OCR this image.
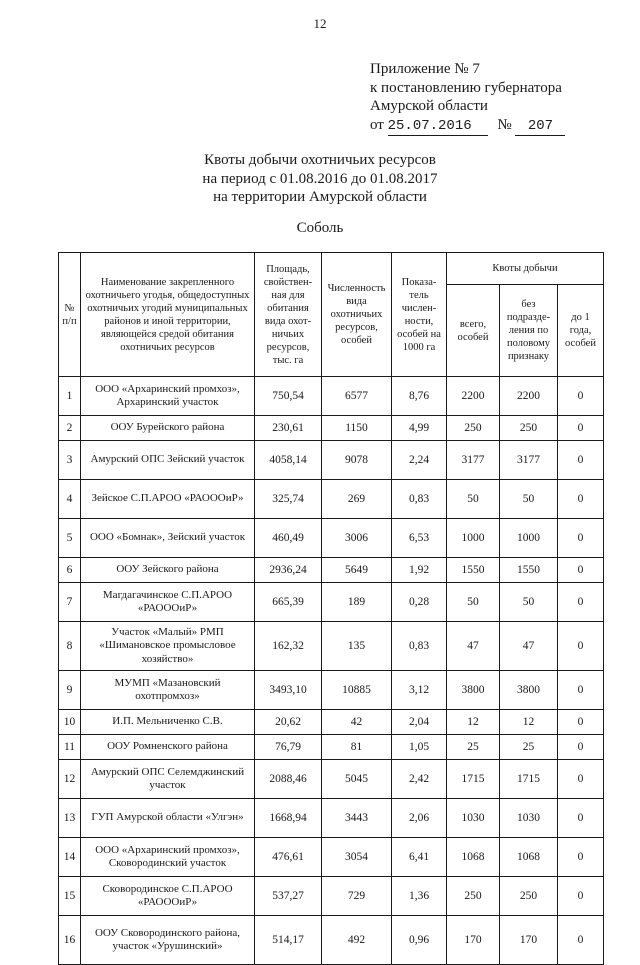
12
Приложение № 7
к постановлению губернатора
Амурской области
от 25.07.2016 № 207
Квоты добычи охотничьих ресурсов
на период с 01.08.2016 до 01.08.2017
на территории Амурской области
Соболь
№ п/п	Наименование закрепленного охотничьего угодья, общедоступных охотничьих угодий муниципальных районов и иной территории, являющейся средой обитания охотничьих ресурсов	Площадь, свойствен-ная для обитания вида охот-ничьих ресурсов, тыс. га	Численность вида охотничьих ресурсов, особей	Показа-тель числен-ности, особей на 1000 га	Квоты добычи		
					всего, особей	без подразде-ления по половому признаку	до 1 года, особей
1	ООО «Архаринский промхоз», Архаринский участок	750,54	6577	8,76	2200	2200	0
2	ООУ Бурейского района	230,61	1150	4,99	250	250	0
3	Амурский ОПС Зейский участок	4058,14	9078	2,24	3177	3177	0
4	Зейское С.П.АРОО «РАОООиР»	325,74	269	0,83	50	50	0
5	ООО «Бомнак», Зейский участок	460,49	3006	6,53	1000	1000	0
6	ООУ Зейского района	2936,24	5649	1,92	1550	1550	0
7	Магдагачинское С.П.АРОО «РАОООиР»	665,39	189	0,28	50	50	0
8	Участок «Малый» РМП «Шимановское промысловое хозяйство»	162,32	135	0,83	47	47	0
9	МУМП «Мазановский охотпромхоз»	3493,10	10885	3,12	3800	3800	0
10	И.П. Мельниченко С.В.	20,62	42	2,04	12	12	0
11	ООУ Ромненского района	76,79	81	1,05	25	25	0
12	Амурский ОПС Селемджинский участок	2088,46	5045	2,42	1715	1715	0
13	ГУП Амурской области «Улгэн»	1668,94	3443	2,06	1030	1030	0
14	ООО «Архаринский промхоз», Сковородинский участок	476,61	3054	6,41	1068	1068	0
15	Сковородинское С.П.АРОО «РАОООиР»	537,27	729	1,36	250	250	0
16	ООУ Сковородинского района, участок «Урушинский»	514,17	492	0,96	170	170	0
